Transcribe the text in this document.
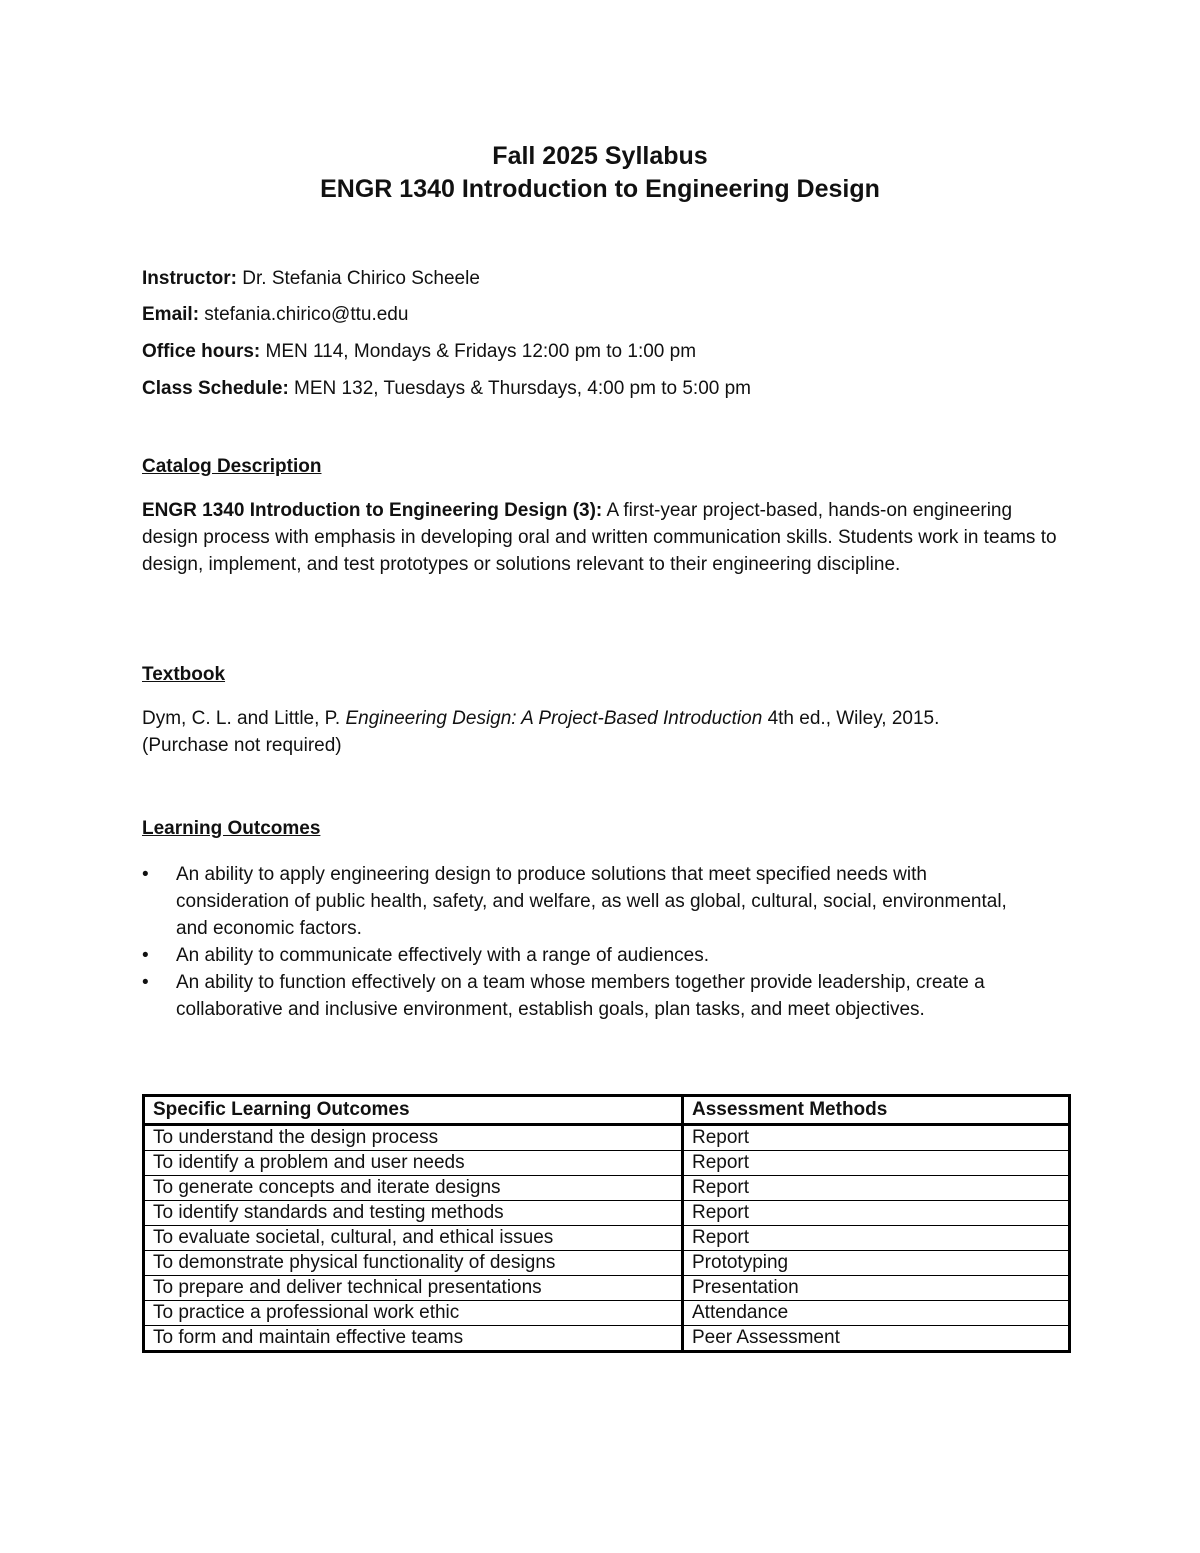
Fall 2025 Syllabus
ENGR 1340 Introduction to Engineering Design
Instructor: Dr. Stefania Chirico Scheele
Email: stefania.chirico@ttu.edu
Office hours: MEN 114, Mondays & Fridays 12:00 pm to 1:00 pm
Class Schedule: MEN 132, Tuesdays & Thursdays, 4:00 pm to 5:00 pm
Catalog Description
ENGR 1340 Introduction to Engineering Design (3): A first-year project-based, hands-on engineering design process with emphasis in developing oral and written communication skills. Students work in teams to design, implement, and test prototypes or solutions relevant to their engineering discipline.
Textbook
Dym, C. L. and Little, P. Engineering Design: A Project-Based Introduction 4th ed., Wiley, 2015.
(Purchase not required)
Learning Outcomes
• An ability to apply engineering design to produce solutions that meet specified needs with consideration of public health, safety, and welfare, as well as global, cultural, social, environmental, and economic factors.
• An ability to communicate effectively with a range of audiences.
• An ability to function effectively on a team whose members together provide leadership, create a collaborative and inclusive environment, establish goals, plan tasks, and meet objectives.
Specific Learning Outcomes	Assessment Methods
To understand the design process	Report
To identify a problem and user needs	Report
To generate concepts and iterate designs	Report
To identify standards and testing methods	Report
To evaluate societal, cultural, and ethical issues	Report
To demonstrate physical functionality of designs	Prototyping
To prepare and deliver technical presentations	Presentation
To practice a professional work ethic	Attendance
To form and maintain effective teams	Peer Assessment
